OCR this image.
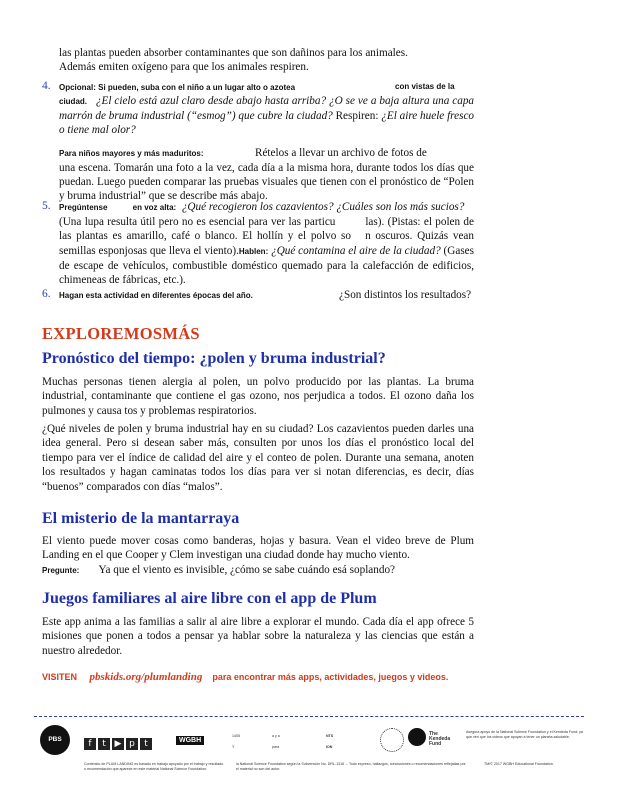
las plantas pueden absorber contaminantes que son dañinos para los animales.
Además emiten oxígeno para que los animales respiren.
4. Opcional: Si pueden, suba con el niño a un lugar alto o azotea	con vistas de la
ciudad. ¿El cielo está azul claro desde abajo hasta arriba? ¿O se ve a baja altura una capa marrón de bruma industrial (“esmog”) que cubre la ciudad? Respiren: ¿El aire huele fresco o tiene mal olor?
Para niños mayores y más maduritos:	Rételos a llevar un archivo de fotos de
una escena. Tomarán una foto a la vez, cada día a la misma hora, durante todos los días que puedan. Luego pueden comparar las pruebas visuales que tienen con el pronóstico de “Polen y bruma industrial” que se describe más abajo.
5. Pregúntense	en voz alta: ¿Qué recogieron los cazavientos? ¿Cuáles son los más sucios?
(Una lupa resulta útil pero no es esencial para ver las particu	las). (Pistas: el polen de las plantas es amarillo, café o blanco. El hollín y el polvo so n oscuros. Quizás vean semillas esponjosas que lleva el viento).Hablen: ¿Qué contamina el aire de la ciudad? (Gases de escape de vehículos, combustible doméstico quemado para la calefacción de edificios, chimeneas de fábricas, etc.).
6. Hagan esta actividad en diferentes épocas del año.	¿Son distintos los resultados?
EXPLOREMOSMÁS
Pronóstico del tiempo: ¿polen y bruma industrial?
Muchas personas tienen alergia al polen, un polvo producido por las plantas. La bruma industrial, contaminante que contiene el gas ozono, nos perjudica a todos. El ozono daña los pulmones y causa tos y problemas respiratorios.
¿Qué niveles de polen y bruma industrial hay en su ciudad? Los cazavientos pueden darles una idea general. Pero si desean saber más, consulten por unos los días el pronóstico local del tiempo para ver el índice de calidad del aire y el conteo de polen. Durante una semana, anoten los resultados y hagan caminatas todos los días para ver si notan diferencias, es decir, días “buenos” comparados con días “malos”.
El misterio de la mantarraya
El viento puede mover cosas como banderas, hojas y basura. Vean el video breve de Plum Landing en el que Cooper y Clem investigan una ciudad donde hay mucho viento.
Pregunte: Ya que el viento es invisible, ¿cómo se sabe cuándo esá soplando?
Juegos familiares al aire libre con el app de Plum
Este app anima a las familias a salir al aire libre a explorar el mundo. Cada día el app ofrece 5 misiones que ponen a todos a pensar ya hablar sobre la naturaleza y las ciencias que están a nuestro alrededor.
VISITEN pbskids.org/plumlanding para encontrar más apps, actividades, juegos y videos.
PBS KIDS
f t ▶ p t	WGBH
1405
Y
a y a
para
NTS
ION
The Kendeda Fund
Asegura apoyo de la National Science Foundation y el Kendeda Fund: ya que ven que los videos que apoyan a tener un planeta saludable.
Contenido de PLUM LANDING es basado en trabajo apoyado por el trabajo y resultado o recomendación que aparece en este material National Science Foundation.
la National Science Foundation según la Subvención No. DRL-1316 ... Todo expreso, hallazgos, conclusiones o recomendaciones reflejadas por el material no son del autor.
TM/© 2017 WGBH Educational Foundation.
